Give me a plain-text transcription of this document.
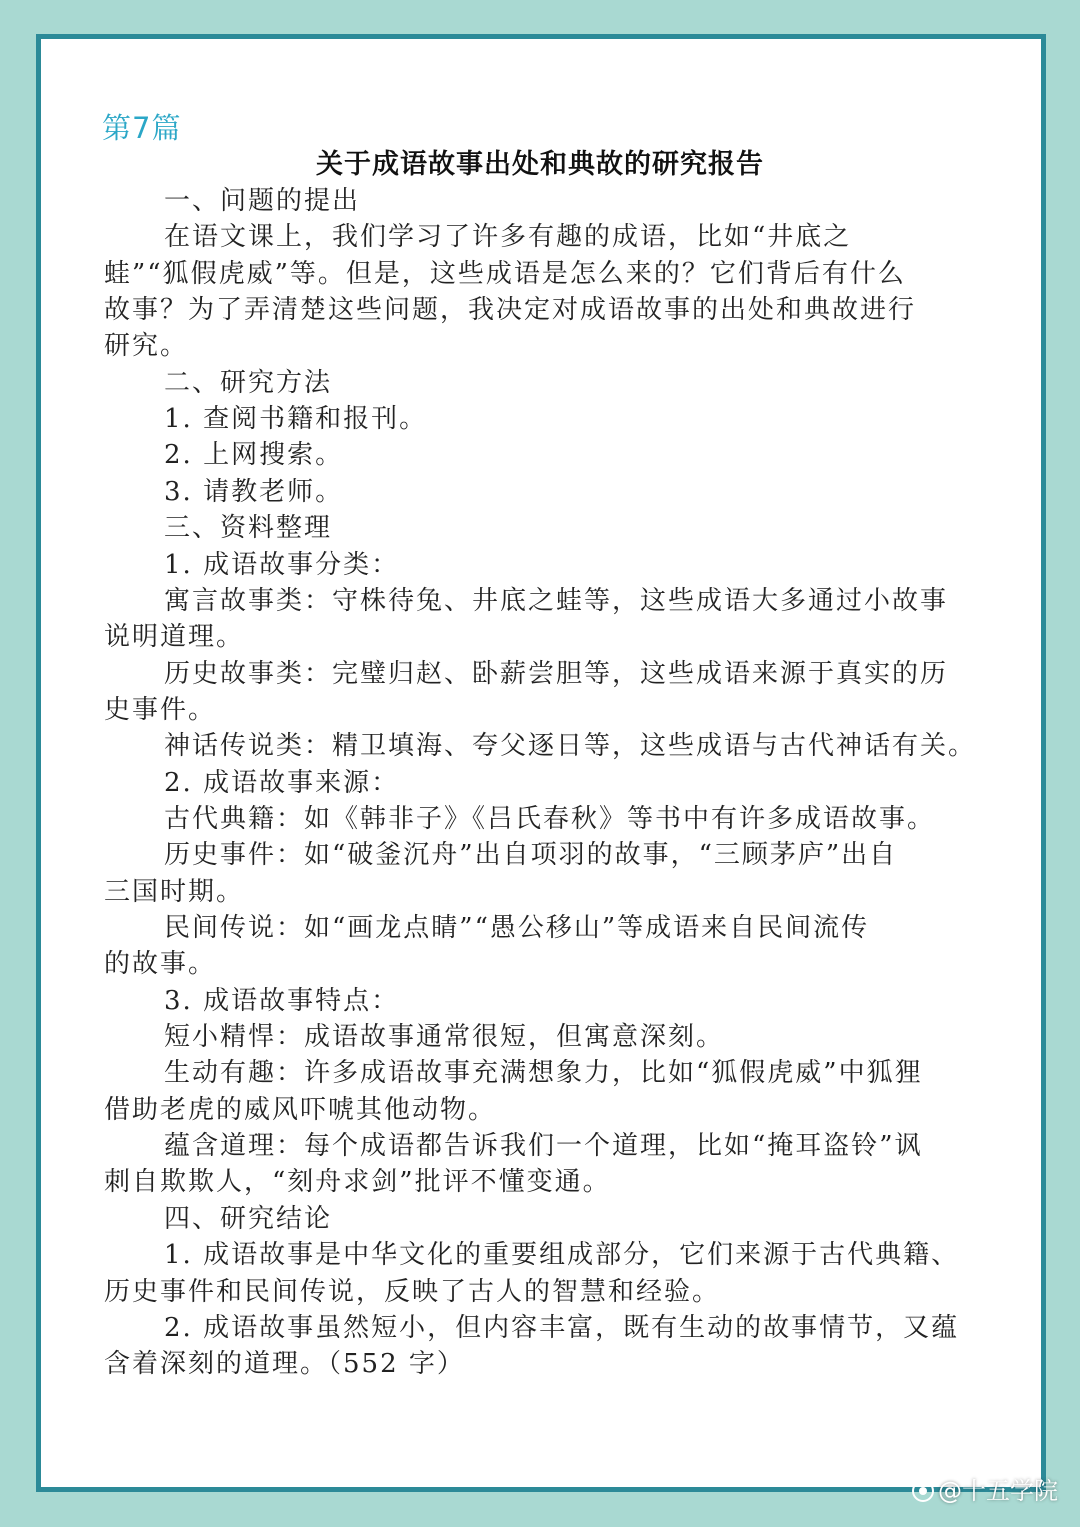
第7篇
关于成语故事出处和典故的研究报告
一、问题的提出
在语文课上，我们学习了许多有趣的成语，比如“井底之
蛙”“狐假虎威”等。但是，这些成语是怎么来的？它们背后有什么
故事？为了弄清楚这些问题，我决定对成语故事的出处和典故进行
研究。
二、研究方法
1. 查阅书籍和报刊。
2. 上网搜索。
3. 请教老师。
三、资料整理
1. 成语故事分类：
寓言故事类：守株待兔、井底之蛙等，这些成语大多通过小故事
说明道理。
历史故事类：完璧归赵、卧薪尝胆等，这些成语来源于真实的历
史事件。
神话传说类：精卫填海、夸父逐日等，这些成语与古代神话有关。
2. 成语故事来源：
古代典籍：如《韩非子》《吕氏春秋》等书中有许多成语故事。
历史事件：如“破釜沉舟”出自项羽的故事，“三顾茅庐”出自
三国时期。
民间传说：如“画龙点睛”“愚公移山”等成语来自民间流传
的故事。
3. 成语故事特点：
短小精悍：成语故事通常很短，但寓意深刻。
生动有趣：许多成语故事充满想象力，比如“狐假虎威”中狐狸
借助老虎的威风吓唬其他动物。
蕴含道理：每个成语都告诉我们一个道理，比如“掩耳盗铃”讽
刺自欺欺人，“刻舟求剑”批评不懂变通。
四、研究结论
1. 成语故事是中华文化的重要组成部分，它们来源于古代典籍、
历史事件和民间传说，反映了古人的智慧和经验。
2. 成语故事虽然短小，但内容丰富，既有生动的故事情节，又蕴
含着深刻的道理。（552 字）
@十五学院
